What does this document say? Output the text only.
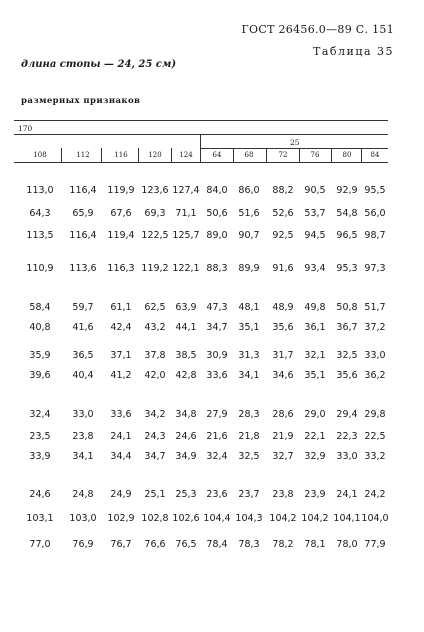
ГОСТ 26456.0—89 С. 151
Таблица 35
длина стопы — 24, 25 см)
размерных признаков
170
25
108	112	116	120	124	64	68	72	76	80	84
113,0 116,4 119,9 123,6 127,4 84,0 86,0 88,2 90,5 92,9 95,5
64,3 65,9 67,6 69,3 71,1 50,6 51,6 52,6 53,7 54,8 56,0
113,5 116,4 119,4 122,5 125,7 89,0 90,7 92,5 94,5 96,5 98,7
110,9 113,6 116,3 119,2 122,1 88,3 89,9 91,6 93,4 95,3 97,3
58,4 59,7 61,1 62,5 63,9 47,3 48,1 48,9 49,8 50,8 51,7
40,8 41,6 42,4 43,2 44,1 34,7 35,1 35,6 36,1 36,7 37,2
35,9 36,5 37,1 37,8 38,5 30,9 31,3 31,7 32,1 32,5 33,0
39,6 40,4 41,2 42,0 42,8 33,6 34,1 34,6 35,1 35,6 36,2
32,4 33,0 33,6 34,2 34,8 27,9 28,3 28,6 29,0 29,4 29,8
23,5 23,8 24,1 24,3 24,6 21,6 21,8 21,9 22,1 22,3 22,5
33,9 34,1 34,4 34,7 34,9 32,4 32,5 32,7 32,9 33,0 33,2
24,6 24,8 24,9 25,1 25,3 23,6 23,7 23,8 23,9 24,1 24,2
103,1 103,0 102,9 102,8 102,6 104,4 104,3 104,2 104,2 104,1 104,0
77,0 76,9 76,7 76,6 76,5 78,4 78,3 78,2 78,1 78,0 77,9
